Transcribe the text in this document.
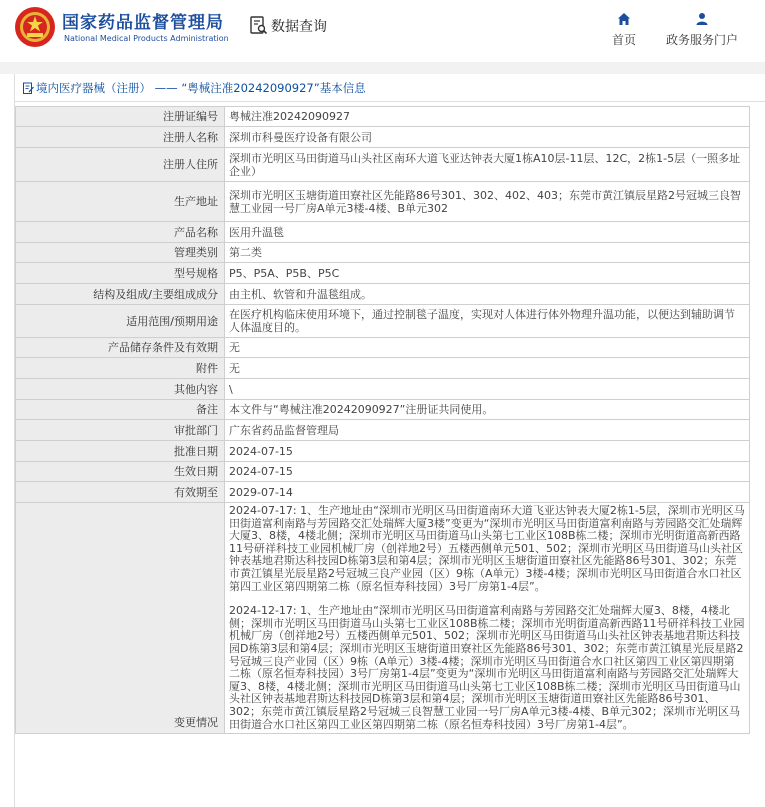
国家药品监督管理局
National Medical Products Administration
数据查询
首页 政务服务门户
境内医疗器械（注册） —— “粤械注准20242090927”基本信息
注册证编号	粤械注准20242090927
注册人名称	深圳市科曼医疗设备有限公司
注册人住所	深圳市光明区马田街道马山头社区南环大道飞亚达钟表大厦1栋A10层-11层、12C，2栋1-5层（一照多址企业）
生产地址	深圳市光明区玉塘街道田寮社区先能路86号301、302、402、403；东莞市黄江镇辰星路2号冠城三良智慧工业园一号厂房A单元3楼-4楼、B单元302
产品名称	医用升温毯
管理类别	第二类
型号规格	P5、P5A、P5B、P5C
结构及组成/主要组成成分	由主机、软管和升温毯组成。
适用范围/预期用途	在医疗机构临床使用环境下，通过控制毯子温度，实现对人体进行体外物理升温功能，以便达到辅助调节人体温度目的。
产品储存条件及有效期	无
附件	无
其他内容	\
备注	本文件与“粤械注准20242090927”注册证共同使用。
审批部门	广东省药品监督管理局
批准日期	2024-07-15
生效日期	2024-07-15
有效期至	2029-07-14
变更情况	2024-07-17: 1、生产地址由“深圳市光明区马田街道南环大道飞亚达钟表大厦2栋1-5层，深圳市光明区马田街道富利南路与芳园路交汇处瑞辉大厦3楼”变更为“深圳市光明区马田街道富利南路与芳园路交汇处瑞辉大厦3、8楼，4楼北侧；深圳市光明区马田街道马山头第七工业区108B栋二楼；深圳市光明街道高新西路11号研祥科技工业园机械厂房（创祥地2号）五楼西侧单元501、502；深圳市光明区马田街道马山头社区钟表基地君斯达科技园D栋第3层和第4层；深圳市光明区玉塘街道田寮社区先能路86号301、302；东莞市黄江镇星光辰星路2号冠城三良产业园（区）9栋（A单元）3楼-4楼；深圳市光明区马田街道合水口社区第四工业区第四期第二栋（原名恒寿科技园）3号厂房第1-4层”。

2024-12-17: 1、生产地址由“深圳市光明区马田街道富利南路与芳园路交汇处瑞辉大厦3、8楼，4楼北侧；深圳市光明区马田街道马山头第七工业区108B栋二楼；深圳市光明街道高新西路11号研祥科技工业园机械厂房（创祥地2号）五楼西侧单元501、502；深圳市光明区马田街道马山头社区钟表基地君斯达科技园D栋第3层和第4层；深圳市光明区玉塘街道田寮社区先能路86号301、302；东莞市黄江镇星光辰星路2号冠城三良产业园（区）9栋（A单元）3楼-4楼；深圳市光明区马田街道合水口社区第四工业区第四期第二栋（原名恒寿科技园）3号厂房第1-4层”变更为“深圳市光明区马田街道富利南路与芳园路交汇处瑞辉大厦3、8楼，4楼北侧；深圳市光明区马田街道马山头第七工业区108B栋二楼；深圳市光明区马田街道马山头社区钟表基地君斯达科技园D栋第3层和第4层；深圳市光明区玉塘街道田寮社区先能路86号301、302；东莞市黄江镇辰星路2号冠城三良智慧工业园一号厂房A单元3楼-4楼、B单元302；深圳市光明区马田街道合水口社区第四工业区第四期第二栋（原名恒寿科技园）3号厂房第1-4层”。
